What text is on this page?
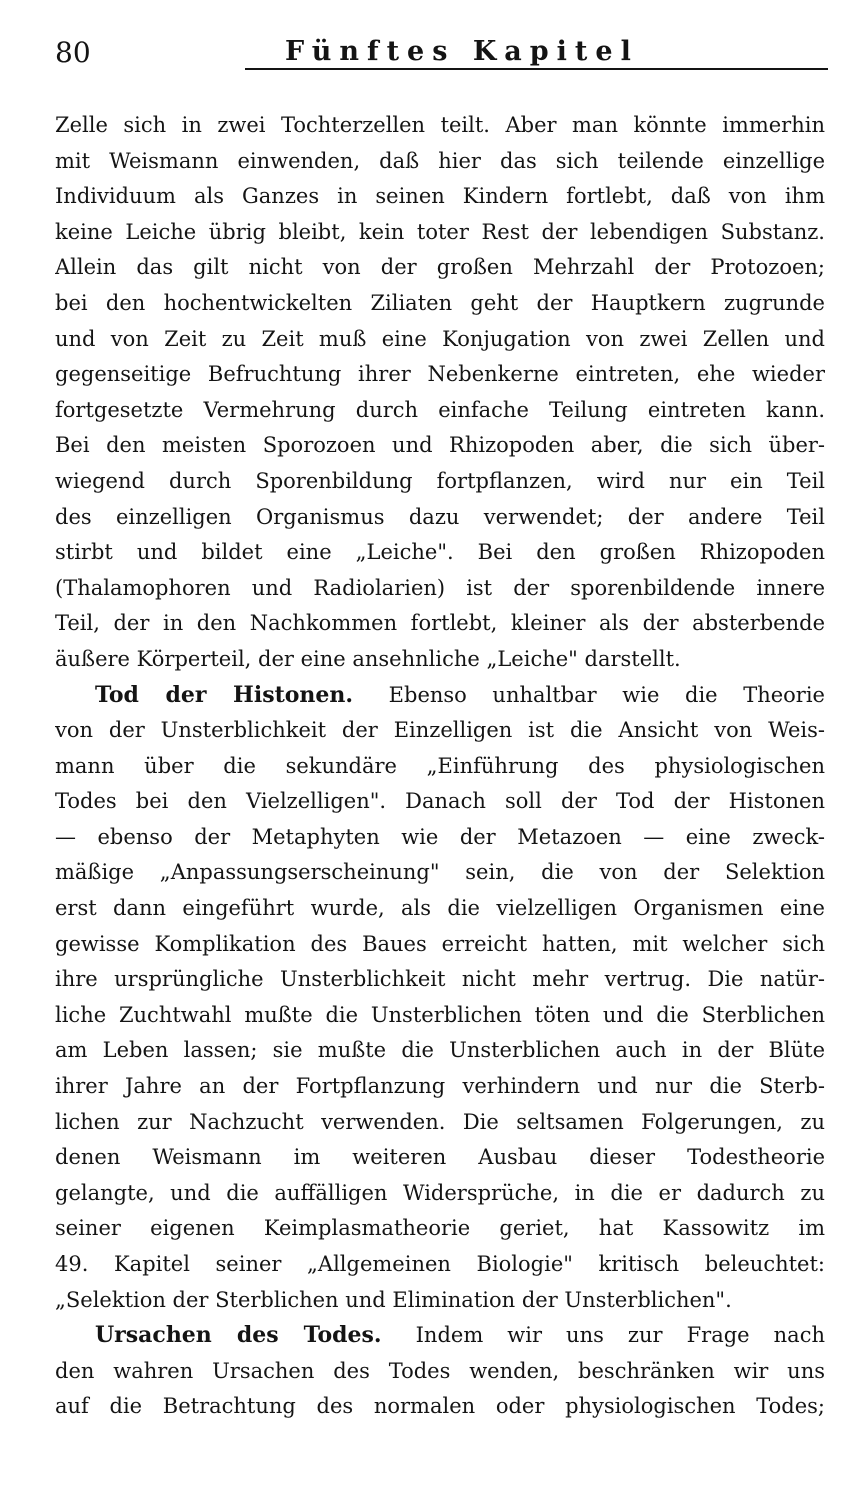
80	Fünftes Kapitel
Zelle sich in zwei Tochterzellen teilt. Aber man könnte immerhin
mit Weismann einwenden, daß hier das sich teilende einzellige
Individuum als Ganzes in seinen Kindern fortlebt, daß von ihm
keine Leiche übrig bleibt, kein toter Rest der lebendigen Substanz.
Allein das gilt nicht von der großen Mehrzahl der Protozoen;
bei den hochentwickelten Ziliaten geht der Hauptkern zugrunde
und von Zeit zu Zeit muß eine Konjugation von zwei Zellen und
gegenseitige Befruchtung ihrer Nebenkerne eintreten, ehe wieder
fortgesetzte Vermehrung durch einfache Teilung eintreten kann.
Bei den meisten Sporozoen und Rhizopoden aber, die sich über-
wiegend durch Sporenbildung fortpflanzen, wird nur ein Teil
des einzelligen Organismus dazu verwendet; der andere Teil
stirbt und bildet eine „Leiche". Bei den großen Rhizopoden
(Thalamophoren und Radiolarien) ist der sporenbildende innere
Teil, der in den Nachkommen fortlebt, kleiner als der absterbende
äußere Körperteil, der eine ansehnliche „Leiche" darstellt.
Tod der Histonen. Ebenso unhaltbar wie die Theorie
von der Unsterblichkeit der Einzelligen ist die Ansicht von Weis-
mann über die sekundäre „Einführung des physiologischen
Todes bei den Vielzelligen". Danach soll der Tod der Histonen
— ebenso der Metaphyten wie der Metazoen — eine zweck-
mäßige „Anpassungserscheinung" sein, die von der Selektion
erst dann eingeführt wurde, als die vielzelligen Organismen eine
gewisse Komplikation des Baues erreicht hatten, mit welcher sich
ihre ursprüngliche Unsterblichkeit nicht mehr vertrug. Die natür-
liche Zuchtwahl mußte die Unsterblichen töten und die Sterblichen
am Leben lassen; sie mußte die Unsterblichen auch in der Blüte
ihrer Jahre an der Fortpflanzung verhindern und nur die Sterb-
lichen zur Nachzucht verwenden. Die seltsamen Folgerungen, zu
denen Weismann im weiteren Ausbau dieser Todestheorie
gelangte, und die auffälligen Widersprüche, in die er dadurch zu
seiner eigenen Keimplasmatheorie geriet, hat Kassowitz im
49. Kapitel seiner „Allgemeinen Biologie" kritisch beleuchtet:
„Selektion der Sterblichen und Elimination der Unsterblichen".
Ursachen des Todes. Indem wir uns zur Frage nach
den wahren Ursachen des Todes wenden, beschränken wir uns
auf die Betrachtung des normalen oder physiologischen Todes;
